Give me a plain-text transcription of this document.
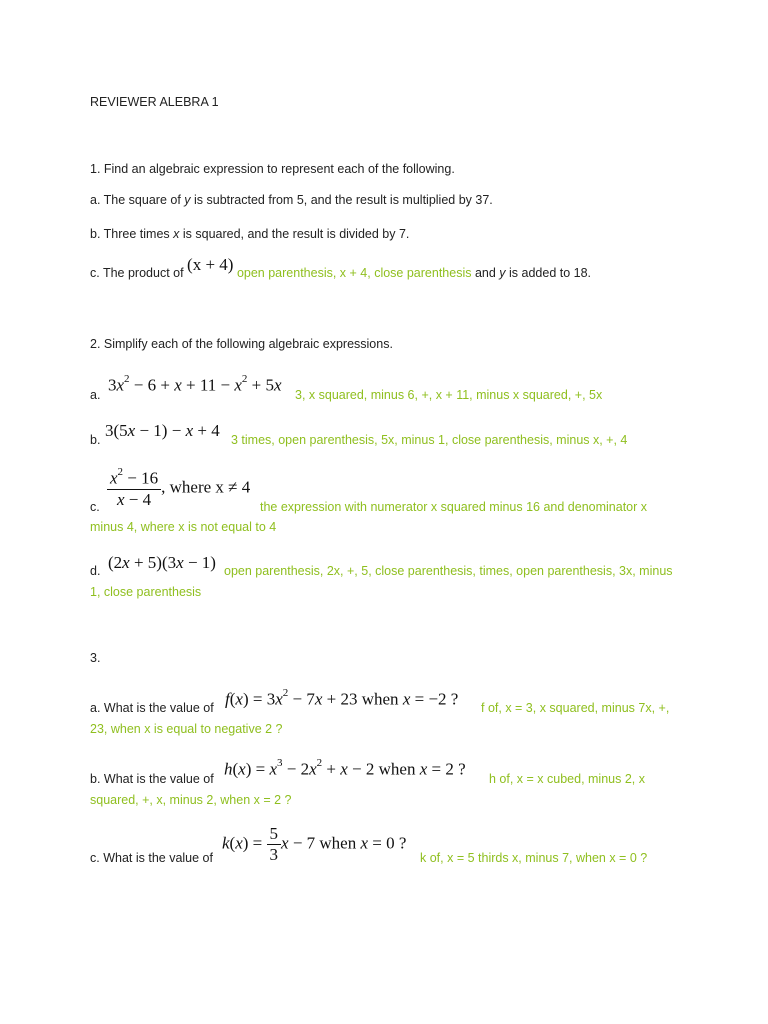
REVIEWER ALEBRA 1
1. Find an algebraic expression to represent each of the following.
a. The square of y is subtracted from 5, and the result is multiplied by 37.
b. Three times x is squared, and the result is divided by 7.
c. The product of (x + 4) open parenthesis, x + 4, close parenthesis and y is added to 18.
2. Simplify each of the following algebraic expressions.
a.
$3x^2 - 6 + x + 11 - x^2 + 5x$
3, x squared, minus 6, +, x + 11, minus x squared, +, 5x
b. 3(5x − 1) − x + 4 3 times, open parenthesis, 5x, minus 1, close parenthesis, minus x, +, 4
c. $\frac{x^2 - 16}{x - 4}$ , where x ≠ 4
the expression with numerator x squared minus 16 and denominator x
minus 4, where x is not equal to 4
d. (2x + 5)(3x − 1) open parenthesis, 2x, +, 5, close parenthesis, times, open parenthesis, 3x, minus
1, close parenthesis
3.
a. What is the value of $f(x) = 3x^2 - 7x + 23$ when x = −2 ? f of, x = 3, x squared, minus 7x, +,
23, when x is equal to negative 2 ?
b. What is the value of
$h(x) = x^3 - 2x^2 + x - 2$ when x = 2 ?
h of, x = x cubed, minus 2, x
squared, +, x, minus 2, when x = 2 ?
c. What is the value of
$k(x) = \frac{5}{3}$ x − 7 when x = 0 ?
k of, x = 5 thirds x, minus 7, when x = 0 ?
